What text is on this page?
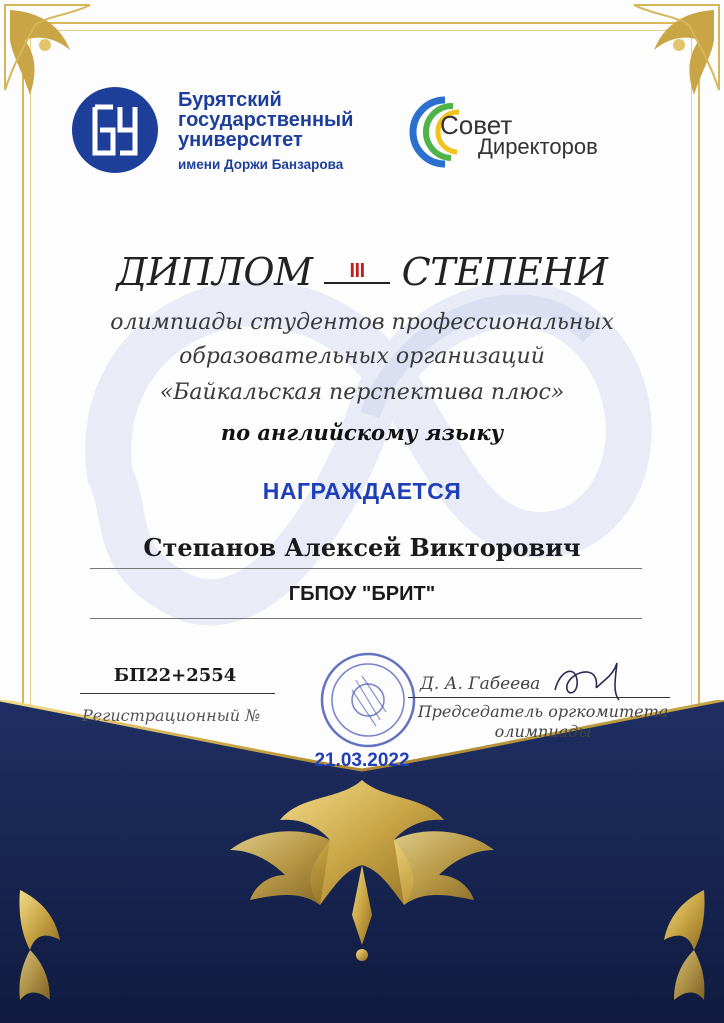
Бурятский
государственный
университет
имени Доржи Банзарова
Совет
Директоров
ДИПЛОМ III СТЕПЕНИ
олимпиады студентов профессиональных
образовательных организаций
«Байкальская перспектива плюс»
по английскому языку
НАГРАЖДАЕТСЯ
Степанов Алексей Викторович
ГБПОУ "БРИТ"
БП22+2554
Регистрационный №
Д. А. Габеева
Председатель оргкомитета
олимпиады
21.03.2022
